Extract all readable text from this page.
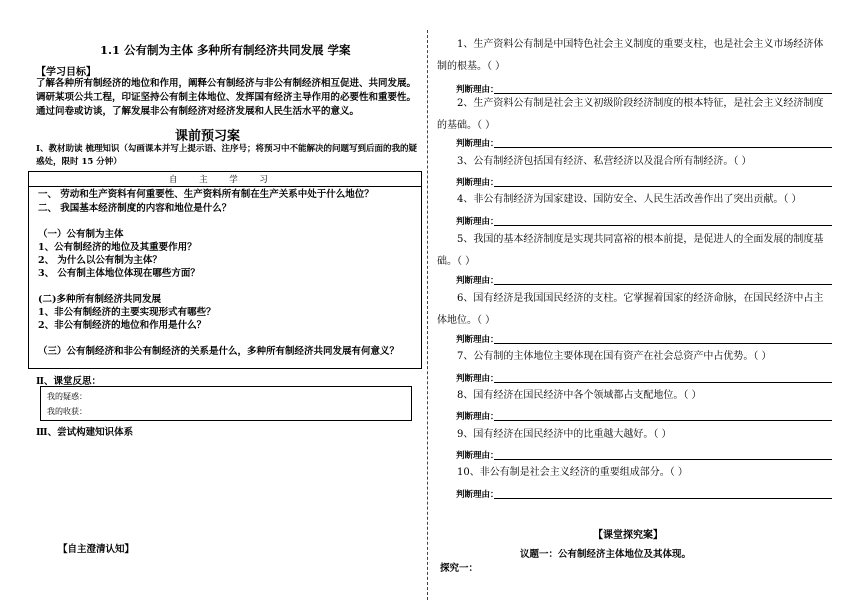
1.1 公有制为主体 多种所有制经济共同发展 学案
【学习目标】
了解各种所有制经济的地位和作用，阐释公有制经济与非公有制经济相互促进、共同发展。调研某项公共工程，印证坚持公有制主体地位、发挥国有经济主导作用的必要性和重要性。通过问卷或访谈，了解发展非公有制经济对经济发展和人民生活水平的意义。
课前预习案
Ⅰ、教材助读 梳理知识（勾画课本并写上提示语、注序号；将预习中不能解决的问题写到后面的我的疑惑处，限时 15 分钟）
自        主        学        习
一、 劳动和生产资料有何重要性、生产资料所有制在生产关系中处于什么地位？
二、 我国基本经济制度的内容和地位是什么？
（一）公有制为主体
1、公有制经济的地位及其重要作用？
2、 为什么以公有制为主体？
3、 公有制主体地位体现在哪些方面？
(二)多种所有制经济共同发展
1、非公有制经济的主要实现形式有哪些？
2、非公有制经济的地位和作用是什么？
（三）公有制经济和非公有制经济的关系是什么，多种所有制经济共同发展有何意义？
Ⅱ、课堂反思：
我的疑惑：
我的收获：
Ⅲ、尝试构建知识体系
【自主澄清认知】
1、生产资料公有制是中国特色社会主义制度的重要支柱，也是社会主义市场经济体制的根基。（ ）
判断理由：
2、生产资料公有制是社会主义初级阶段经济制度的根本特征，是社会主义经济制度的基础。（ ）
判断理由：
3、公有制经济包括国有经济、私营经济以及混合所有制经济。（ ）
判断理由：
4、非公有制经济为国家建设、国防安全、人民生活改善作出了突出贡献。（ ）
判断理由：
5、我国的基本经济制度是实现共同富裕的根本前提，是促进人的全面发展的制度基础。（ ）
判断理由：
6、国有经济是我国国民经济的支柱。它掌握着国家的经济命脉，在国民经济中占主体地位。（ ）
判断理由：
7、公有制的主体地位主要体现在国有资产在社会总资产中占优势。（ ）
判断理由：
8、国有经济在国民经济中各个领域都占支配地位。（ ）
判断理由：
9、国有经济在国民经济中的比重越大越好。（ ）
判断理由：
10、非公有制是社会主义经济的重要组成部分。（ ）
判断理由：
【课堂探究案】
议题一：公有制经济主体地位及其体现。
探究一：
